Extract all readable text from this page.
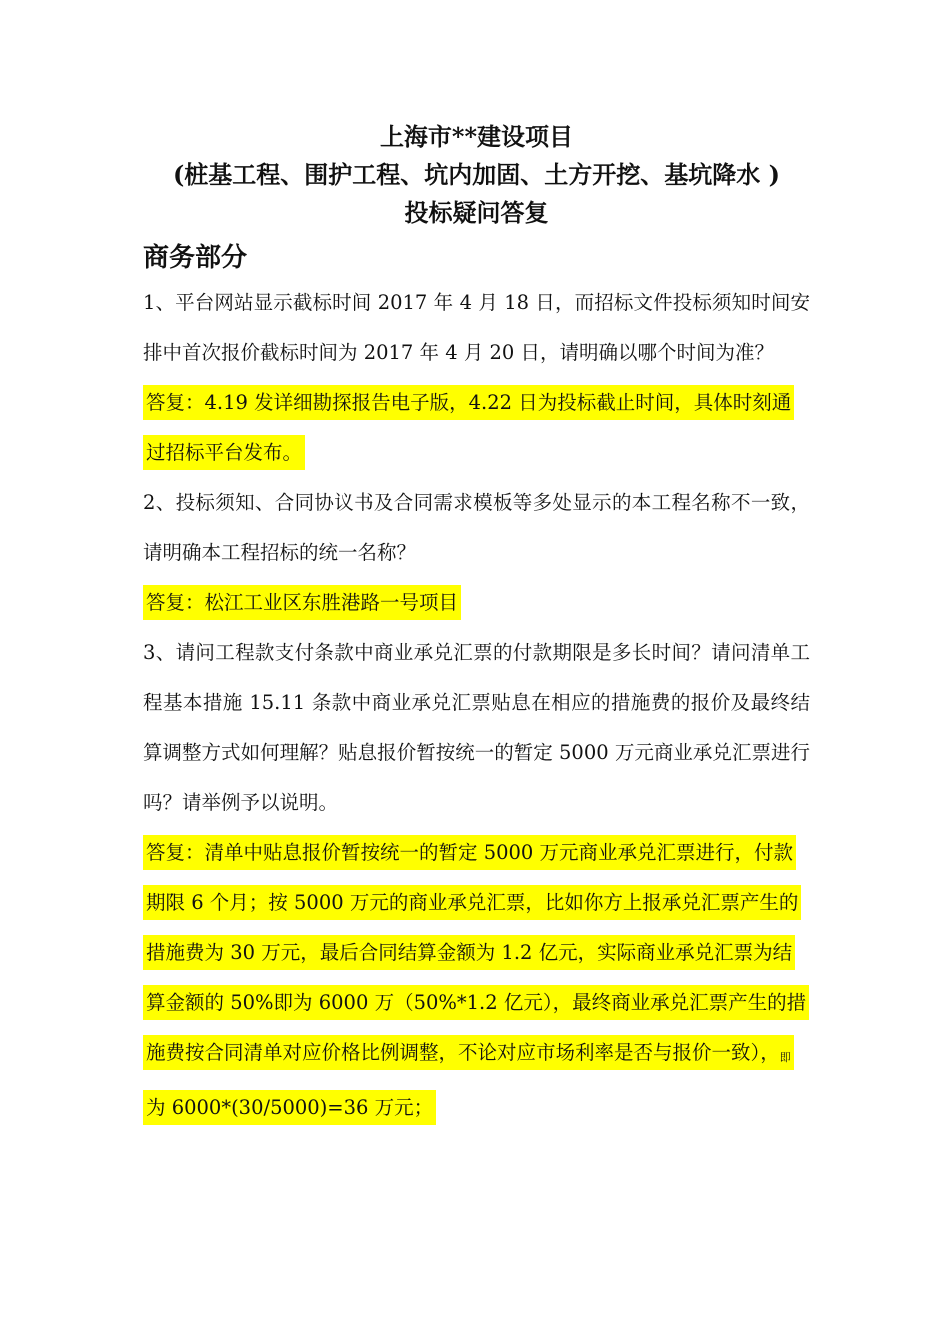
上海市**建设项目
(桩基工程、围护工程、坑内加固、土方开挖、基坑降水 )
投标疑问答复
商务部分

1、平台网站显示截标时间 2017 年 4 月 18 日，而招标文件投标须知时间安排中首次报价截标时间为 2017 年 4 月 20 日，请明确以哪个时间为准？

答复：4.19 发详细勘探报告电子版，4.22 日为投标截止时间，具体时刻通过招标平台发布。

2、投标须知、合同协议书及合同需求模板等多处显示的本工程名称不一致，请明确本工程招标的统一名称？

答复：松江工业区东胜港路一号项目

3、请问工程款支付条款中商业承兑汇票的付款期限是多长时间？请问清单工程基本措施 15.11 条款中商业承兑汇票贴息在相应的措施费的报价及最终结算调整方式如何理解？贴息报价暂按统一的暂定 5000 万元商业承兑汇票进行吗？请举例予以说明。

答复：清单中贴息报价暂按统一的暂定 5000 万元商业承兑汇票进行，付款期限 6 个月；按 5000 万元的商业承兑汇票，比如你方上报承兑汇票产生的措施费为 30 万元，最后合同结算金额为 1.2 亿元，实际商业承兑汇票为结算金额的 50%即为 6000 万（50%*1.2 亿元），最终商业承兑汇票产生的措施费按合同清单对应价格比例调整，不论对应市场利率是否与报价一致），即为 6000*(30/5000)=36 万元；
